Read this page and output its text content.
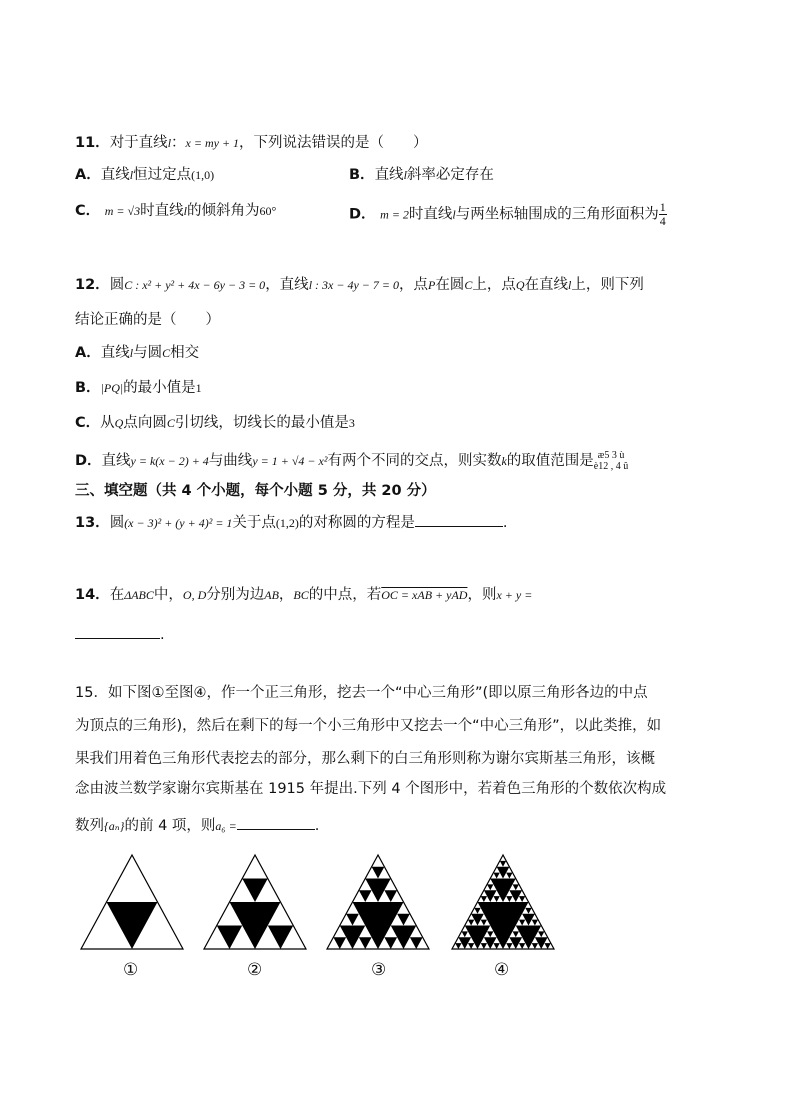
11．对于直线l：x = my + 1，下列说法错误的是（　　）
A．直线l恒过定点(1,0)	B．直线l斜率必定存在
C． m = √3时直线l的倾斜角为60°	D． m = 2时直线l与两坐标轴围成的三角形面积为 $\frac{1}{4}$
12．圆C : x² + y² + 4x − 6y − 3 = 0，直线l : 3x − 4y − 7 = 0，点P在圆C上，点Q在直线l上，则下列
结论正确的是（　　）
A．直线l与圆C相交
B．|PQ|的最小值是1
C．从Q点向圆C引切线，切线长的最小值是3
D．直线y = k(x − 2) + 4与曲线y = 1 + √4 − x²有两个不同的交点，则实数k的取值范围是 æ5 3 ù
è12 , 4 û
三、填空题（共 4 个小题，每个小题 5 分，共 20 分）
13．圆(x − 3)² + (y + 4)² = 1关于点(1,2)的对称圆的方程是	.
14．在ΔABC中，O, D分别为边AB，BC的中点，若OC = xAB + yAD，则x + y =
.
15．如下图①至图④，作一个正三角形，挖去一个“中心三角形”(即以原三角形各边的中点
为顶点的三角形)，然后在剩下的每一个小三角形中又挖去一个“中心三角形”，以此类推，如
果我们用着色三角形代表挖去的部分，那么剩下的白三角形则称为谢尔宾斯基三角形，该概
念由波兰数学家谢尔宾斯基在 1915 年提出.下列 4 个图形中，若着色三角形的个数依次构成
数列{aₙ}的前 4 项，则a₆ =	.
①	②	③	④
